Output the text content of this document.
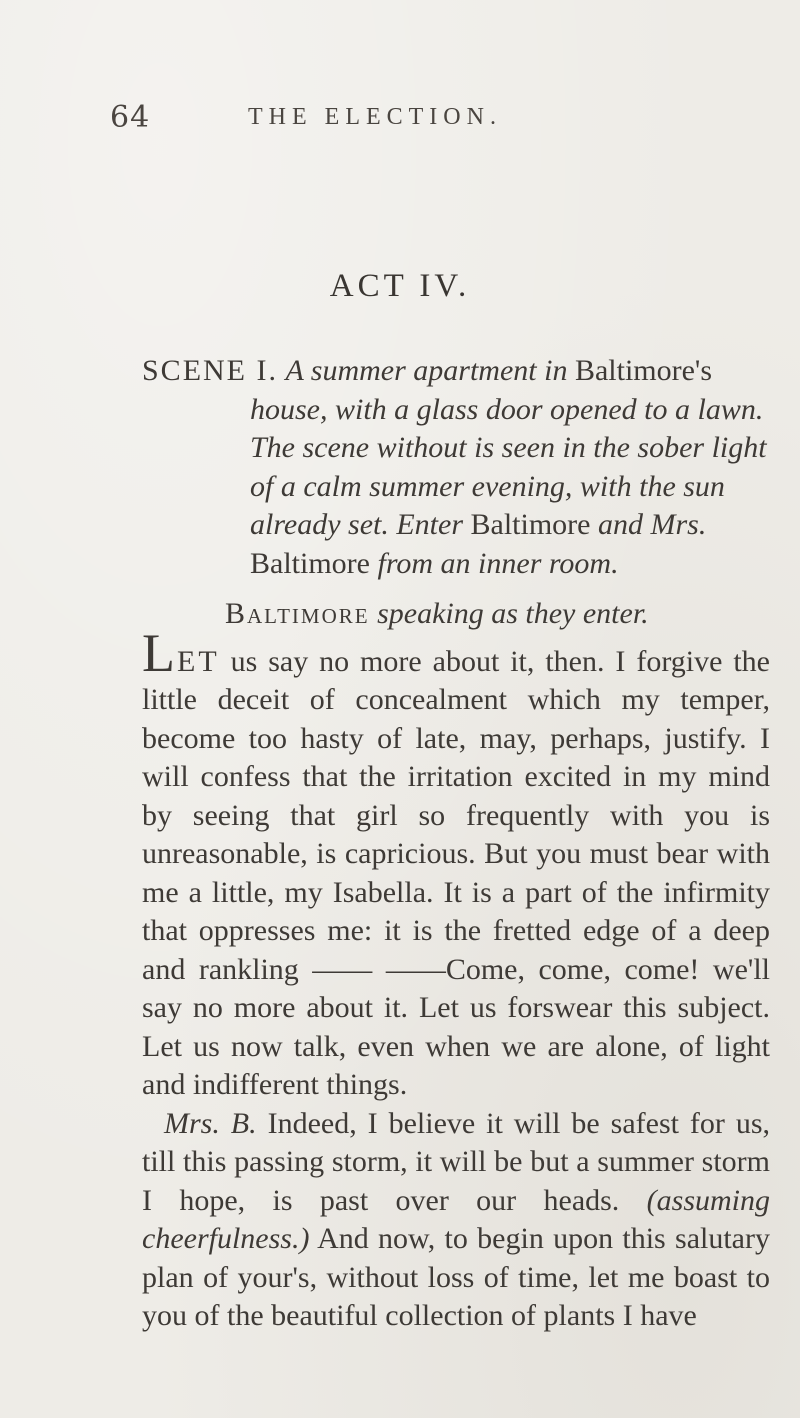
64	THE ELECTION.
ACT IV.

SCENE I. A summer apartment in Baltimore's house, with a glass door opened to a lawn. The scene without is seen in the sober light of a calm summer evening, with the sun already set. Enter Baltimore and Mrs. Baltimore from an inner room.

Baltimore speaking as they enter.

LET us say no more about it, then. I forgive the little deceit of concealment which my temper, become too hasty of late, may, perhaps, justify. I will confess that the irritation excited in my mind by seeing that girl so frequently with you is unreasonable, is capricious. But you must bear with me a little, my Isabella. It is a part of the infirmity that oppresses me: it is the fretted edge of a deep and rankling —— ——Come, come, come! we'll say no more about it. Let us forswear this subject. Let us now talk, even when we are alone, of light and indifferent things.

Mrs. B. Indeed, I believe it will be safest for us, till this passing storm, it will be but a summer storm I hope, is past over our heads. (assuming cheerfulness.) And now, to begin upon this salutary plan of your's, without loss of time, let me boast to you of the beautiful collection of plants I have
